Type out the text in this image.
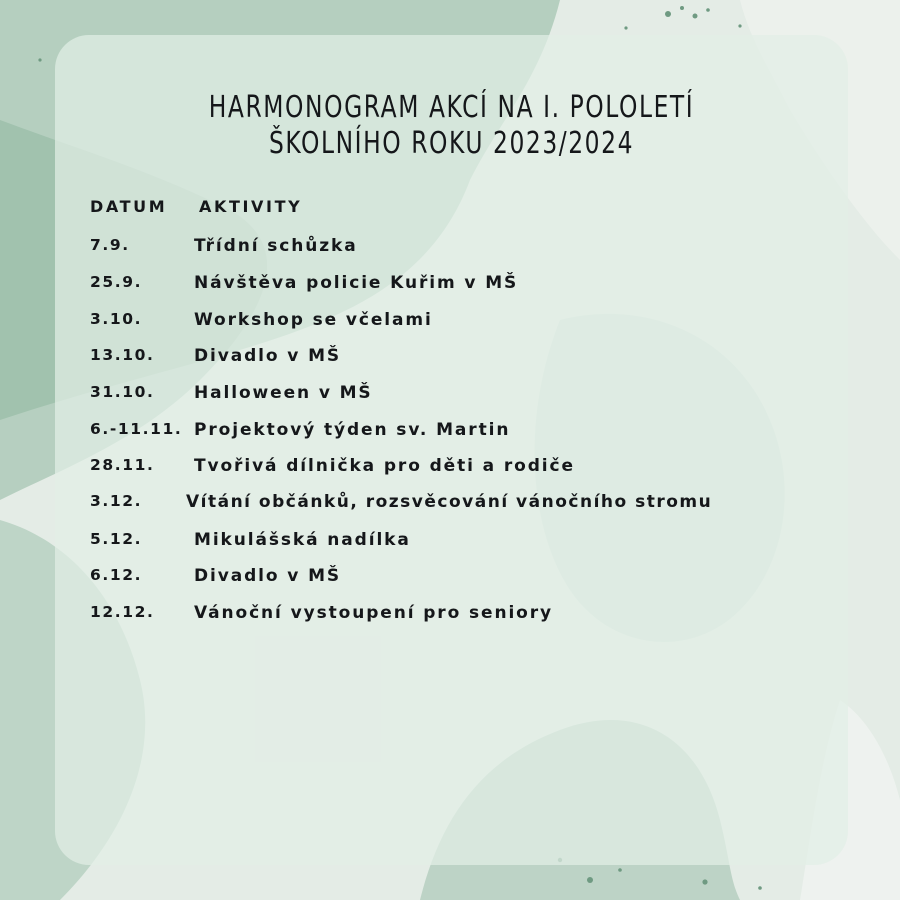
HARMONOGRAM AKCÍ NA I. POLOLETÍ
ŠKOLNÍHO ROKU 2023/2024
DATUM AKTIVITY
7.9.	Třídní schůzka
25.9.	Návštěva policie Kuřim v MŠ
3.10.	Workshop se včelami
13.10. Divadlo v MŠ
31.10. Halloween v MŠ
6.-11.11. Projektový týden sv. Martin
28.11. Tvořivá dílnička pro děti a rodiče
3.12.	Vítání občánků, rozsvěcování vánočního stromu
5.12.	Mikulášská nadílka
6.12.	Divadlo v MŠ
12.12. Vánoční vystoupení pro seniory
